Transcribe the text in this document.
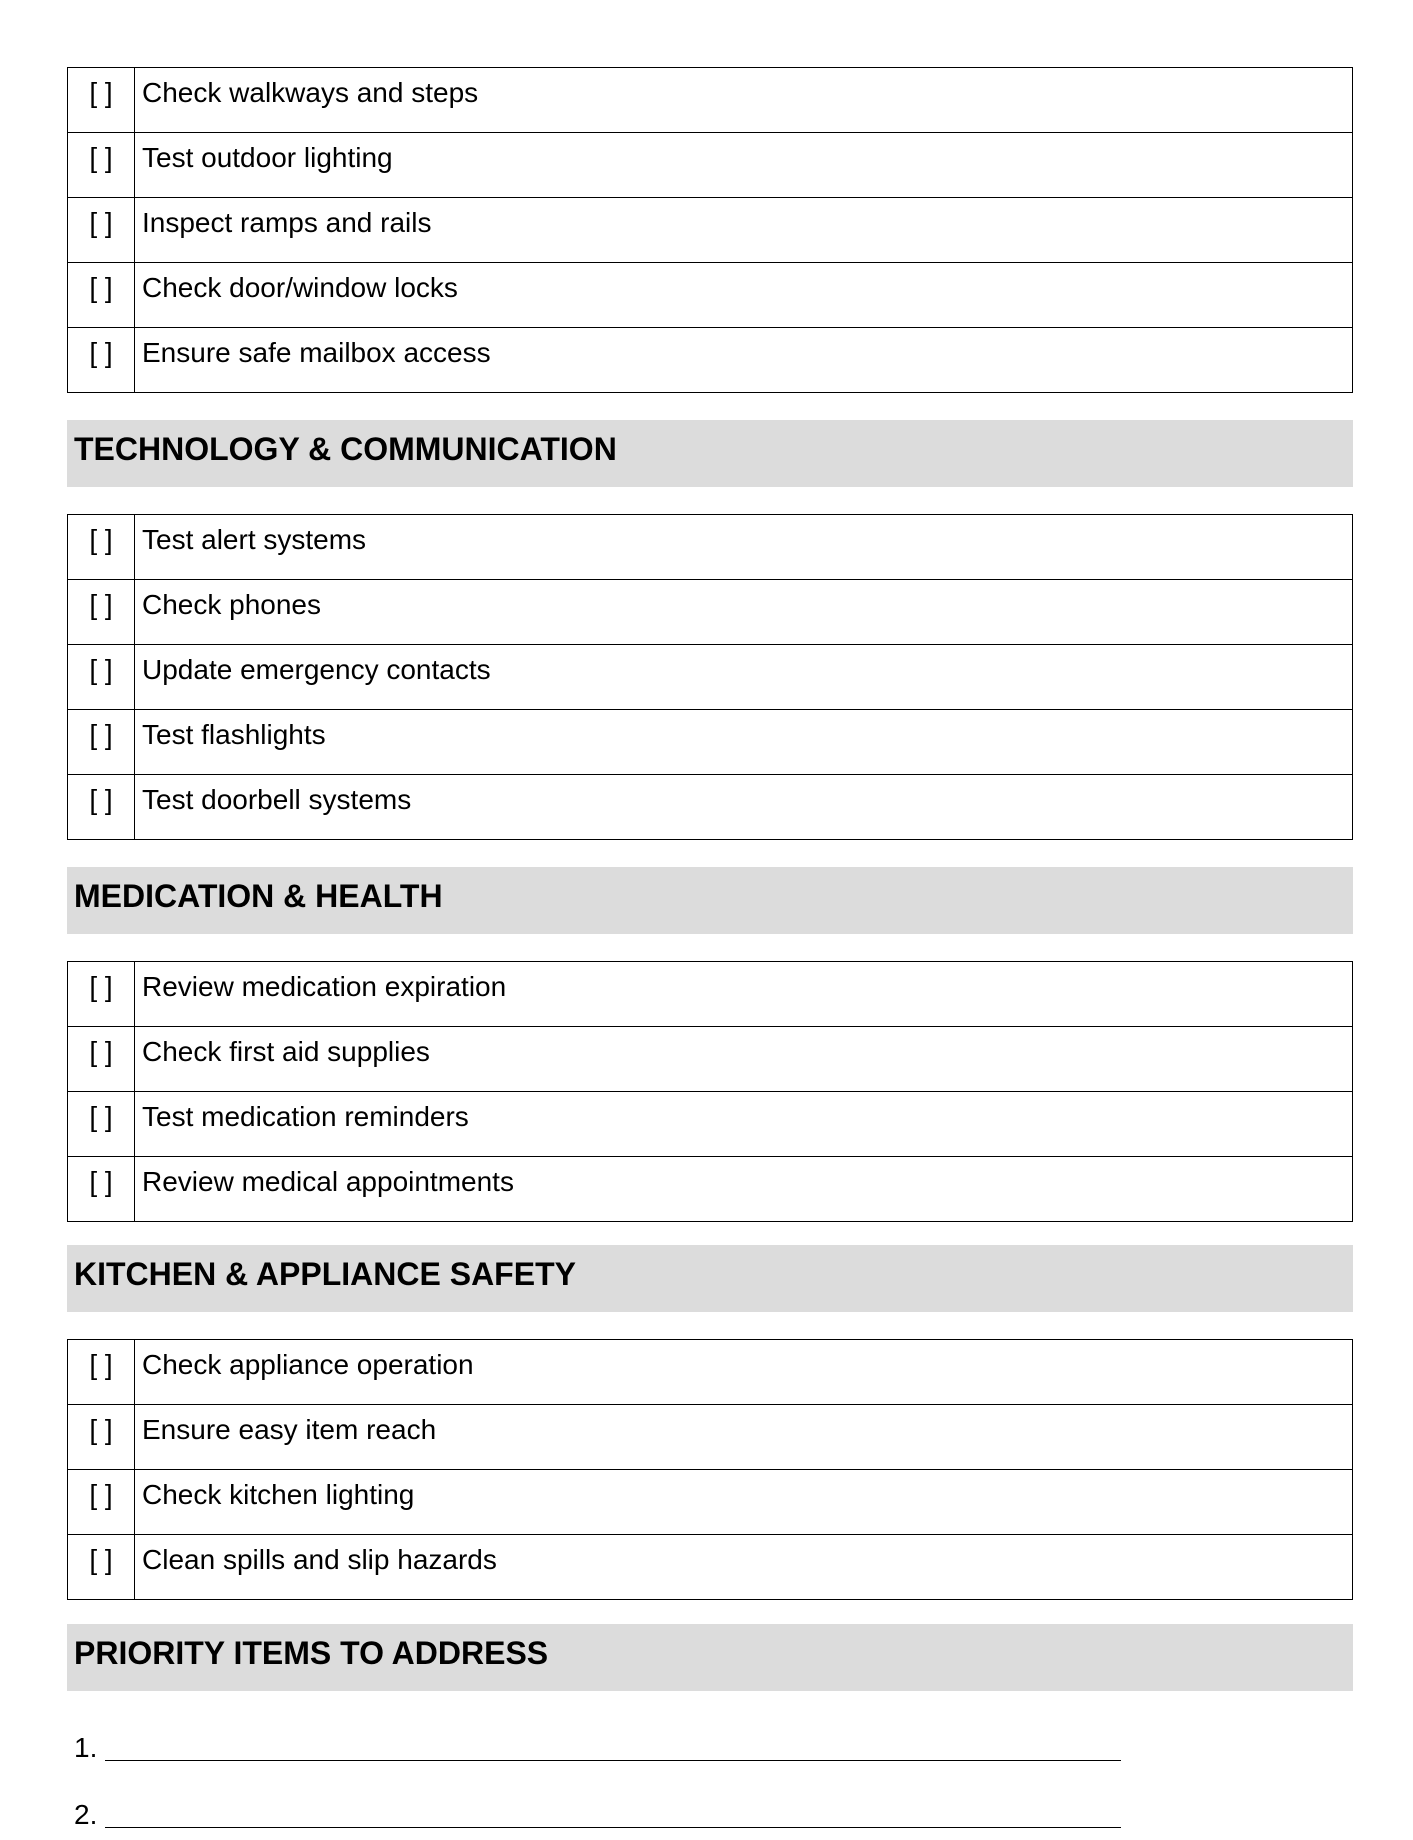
[ ]	Check walkways and steps
[ ]	Test outdoor lighting
[ ]	Inspect ramps and rails
[ ]	Check door/window locks
[ ]	Ensure safe mailbox access
TECHNOLOGY & COMMUNICATION
[ ]	Test alert systems
[ ]	Check phones
[ ]	Update emergency contacts
[ ]	Test flashlights
[ ]	Test doorbell systems
MEDICATION & HEALTH
[ ]	Review medication expiration
[ ]	Check first aid supplies
[ ]	Test medication reminders
[ ]	Review medical appointments
KITCHEN & APPLIANCE SAFETY
[ ]	Check appliance operation
[ ]	Ensure easy item reach
[ ]	Check kitchen lighting
[ ]	Clean spills and slip hazards
PRIORITY ITEMS TO ADDRESS
1.
2.
